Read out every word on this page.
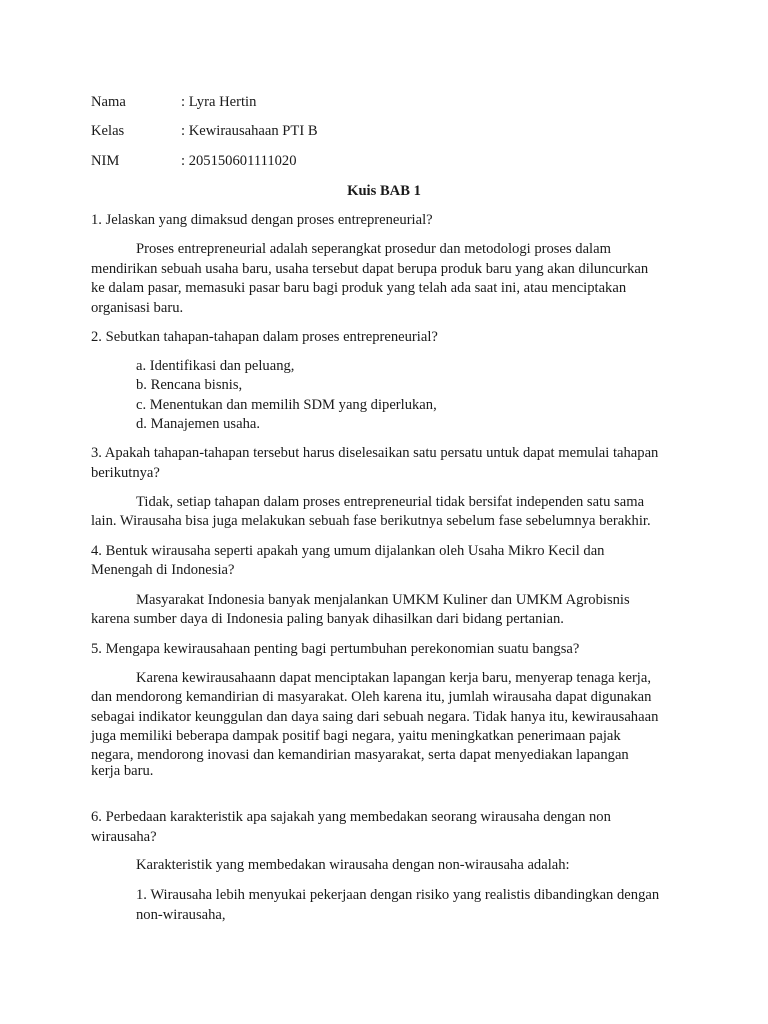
Nama	: Lyra Hertin
Kelas	: Kewirausahaan PTI B
NIM	: 205150601111020
Kuis BAB 1
1. Jelaskan yang dimaksud dengan proses entrepreneurial?
Proses entrepreneurial adalah seperangkat prosedur dan metodologi proses dalam
mendirikan sebuah usaha baru, usaha tersebut dapat berupa produk baru yang akan diluncurkan
ke dalam pasar, memasuki pasar baru bagi produk yang telah ada saat ini, atau menciptakan
organisasi baru.
2. Sebutkan tahapan-tahapan dalam proses entrepreneurial?
a. Identifikasi dan peluang,
b. Rencana bisnis,
c. Menentukan dan memilih SDM yang diperlukan,
d. Manajemen usaha.
3. Apakah tahapan-tahapan tersebut harus diselesaikan satu persatu untuk dapat memulai tahapan
berikutnya?
Tidak, setiap tahapan dalam proses entrepreneurial tidak bersifat independen satu sama
lain. Wirausaha bisa juga melakukan sebuah fase berikutnya sebelum fase sebelumnya berakhir.
4. Bentuk wirausaha seperti apakah yang umum dijalankan oleh Usaha Mikro Kecil dan
Menengah di Indonesia?
Masyarakat Indonesia banyak menjalankan UMKM Kuliner dan UMKM Agrobisnis
karena sumber daya di Indonesia paling banyak dihasilkan dari bidang pertanian.
5. Mengapa kewirausahaan penting bagi pertumbuhan perekonomian suatu bangsa?
Karena kewirausahaann dapat menciptakan lapangan kerja baru, menyerap tenaga kerja,
dan mendorong kemandirian di masyarakat. Oleh karena itu, jumlah wirausaha dapat digunakan
sebagai indikator keunggulan dan daya saing dari sebuah negara. Tidak hanya itu, kewirausahaan
juga memiliki beberapa dampak positif bagi negara, yaitu meningkatkan penerimaan pajak
negara, mendorong inovasi dan kemandirian masyarakat, serta dapat menyediakan lapangan
kerja baru.
6. Perbedaan karakteristik apa sajakah yang membedakan seorang wirausaha dengan non
wirausaha?
Karakteristik yang membedakan wirausaha dengan non-wirausaha adalah:
1. Wirausaha lebih menyukai pekerjaan dengan risiko yang realistis dibandingkan dengan
non-wirausaha,
